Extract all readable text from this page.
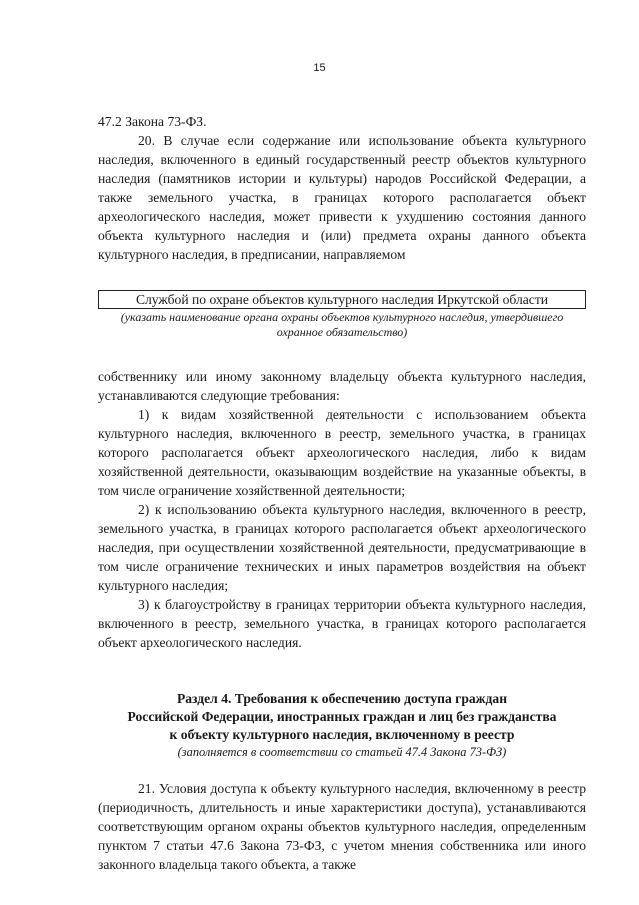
15

47.2 Закона 73-ФЗ.

20. В случае если содержание или использование объекта культурного наследия, включенного в единый государственный реестр объектов культурного наследия (памятников истории и культуры) народов Российской Федерации, а также земельного участка, в границах которого располагается объект археологического наследия, может привести к ухудшению состояния данного объекта культурного наследия и (или) предмета охраны данного объекта культурного наследия, в предписании, направляемом

Службой по охране объектов культурного наследия Иркутской области
(указать наименование органа охраны объектов культурного наследия, утвердившего охранное обязательство)

собственнику или иному законному владельцу объекта культурного наследия, устанавливаются следующие требования:

1) к видам хозяйственной деятельности с использованием объекта культурного наследия, включенного в реестр, земельного участка, в границах которого располагается объект археологического наследия, либо к видам хозяйственной деятельности, оказывающим воздействие на указанные объекты, в том числе ограничение хозяйственной деятельности;

2) к использованию объекта культурного наследия, включенного в реестр, земельного участка, в границах которого располагается объект археологического наследия, при осуществлении хозяйственной деятельности, предусматривающие в том числе ограничение технических и иных параметров воздействия на объект культурного наследия;

3) к благоустройству в границах территории объекта культурного наследия, включенного в реестр, земельного участка, в границах которого располагается объект археологического наследия.

Раздел 4. Требования к обеспечению доступа граждан
Российской Федерации, иностранных граждан и лиц без гражданства
к объекту культурного наследия, включенному в реестр
(заполняется в соответствии со статьей 47.4 Закона 73-ФЗ)

21. Условия доступа к объекту культурного наследия, включенному в реестр (периодичность, длительность и иные характеристики доступа), устанавливаются соответствующим органом охраны объектов культурного наследия, определенным пунктом 7 статьи 47.6 Закона 73-ФЗ, с учетом мнения собственника или иного законного владельца такого объекта, а также
